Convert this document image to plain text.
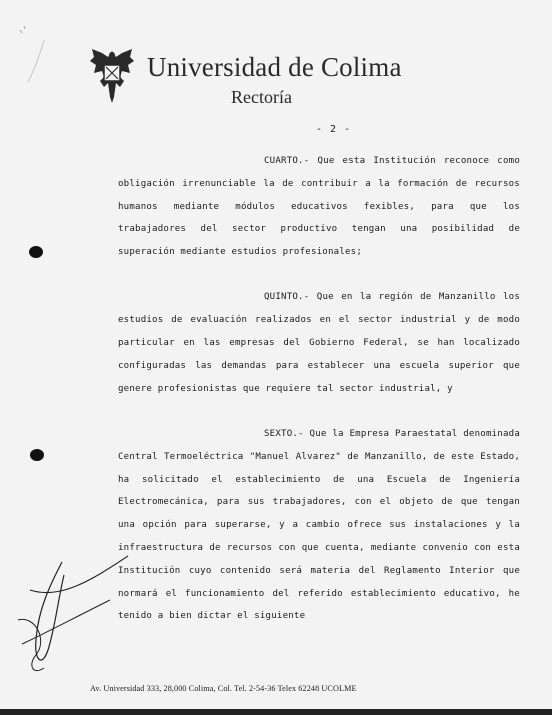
Universidad de Colima
Rectoría
- 2 -

CUARTO.- Que esta Institución reconoce como obligación irrenunciable la de contribuir a la formación de recursos humanos mediante módulos educativos fexibles, para que los trabajadores del sector productivo tengan una posibilidad de superación mediante estudios profesionales;

QUINTO.- Que en la región de Manzanillo los estudios de evaluación realizados en el sector industrial y de modo particular en las empresas del Gobierno Federal, se han localizado configuradas las demandas para establecer una escuela superior que genere profesionistas que requiere tal sector industrial, y

SEXTO.- Que la Empresa Paraestatal denominada Central Termoeléctrica "Manuel Alvarez" de Manzanillo, de este Estado, ha solicitado el establecimiento de una Escuela de Ingeniería Electromecánica, para sus trabajadores, con el objeto de que tengan una opción para superarse, y a cambio ofrece sus instalaciones y la infraestructura de recursos con que cuenta, mediante convenio con esta Institución cuyo contenido será materia del Reglamento Interior que normará el funcionamiento del referido establecimiento educativo, he tenido a bien dictar el siguiente

Av. Universidad 333, 28,000 Colima, Col. Tel. 2-54-36 Telex 62248 UCOLME
